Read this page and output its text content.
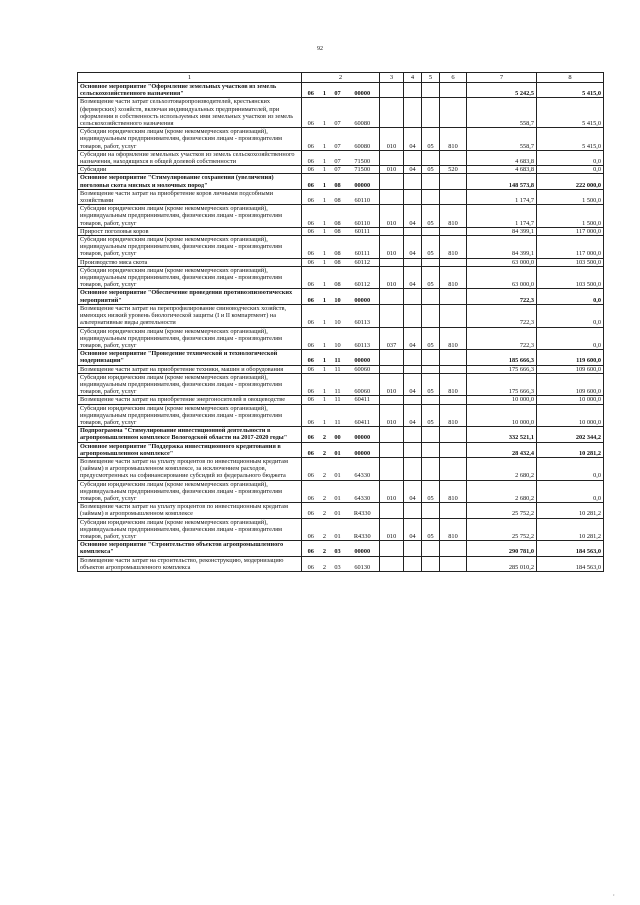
92
1	2				3	4	5	6	7	8
Основное мероприятие "Оформление земельных участков из земель сельскохозяйственного назначения"	06	1	07	00000					5 242,5	5 415,0
Возмещение части затрат сельхозтоваропроизводителей, крестьянских (фермерских) хозяйств, включая индивидуальных предпринимателей, при оформлении в собственность используемых ими земельных участков из земель сельскохозяйственного назначения	06	1	07	60080					558,7	5 415,0
Субсидии юридическим лицам (кроме некоммерческих организаций), индивидуальным предпринимателям, физическим лицам - производителям товаров, работ, услуг	06	1	07	60080	010	04	05	810	558,7	5 415,0
Субсидии на оформление земельных участков из земель сельскохозяйственного назначения, находящихся в общей долевой собственности	06	1	07	71500					4 683,8	0,0
Субсидии	06	1	07	71500	010	04	05	520	4 683,8	0,0
Основное мероприятие "Стимулирование сохранения (увеличения) поголовья скота мясных и молочных пород"	06	1	08	00000					148 573,8	222 000,0
Возмещение части затрат на приобретение коров личными подсобными хозяйствами	06	1	08	60110					1 174,7	1 500,0
Субсидии юридическим лицам (кроме некоммерческих организаций), индивидуальным предпринимателям, физическим лицам - производителям товаров, работ, услуг	06	1	08	60110	010	04	05	810	1 174,7	1 500,0
Прирост поголовья коров	06	1	08	60111					84 399,1	117 000,0
Субсидии юридическим лицам (кроме некоммерческих организаций), индивидуальным предпринимателям, физическим лицам - производителям товаров, работ, услуг	06	1	08	60111	010	04	05	810	84 399,1	117 000,0
Производство мяса скота	06	1	08	60112					63 000,0	103 500,0
Субсидии юридическим лицам (кроме некоммерческих организаций), индивидуальным предпринимателям, физическим лицам - производителям товаров, работ, услуг	06	1	08	60112	010	04	05	810	63 000,0	103 500,0
Основное мероприятие "Обеспечение проведения противоэпизоотических мероприятий"	06	1	10	00000					722,3	0,0
Возмещение части затрат на перепрофилирование свиноводческих хозяйств, имеющих низкий уровень биологической защиты (I и II компартмент) на альтернативные виды деятельности	06	1	10	60113					722,3	0,0
Субсидии юридическим лицам (кроме некоммерческих организаций), индивидуальным предпринимателям, физическим лицам - производителям товаров, работ, услуг	06	1	10	60113	037	04	05	810	722,3	0,0
Основное мероприятие "Проведение технической и технологической модернизации"	06	1	11	00000					185 666,3	119 600,0
Возмещение части затрат на приобретение техники, машин и оборудования	06	1	11	60060					175 666,3	109 600,0
Субсидии юридическим лицам (кроме некоммерческих организаций), индивидуальным предпринимателям, физическим лицам - производителям товаров, работ, услуг	06	1	11	60060	010	04	05	810	175 666,3	109 600,0
Возмещение части затрат на приобретение энергоносителей в овощеводстве	06	1	11	60411					10 000,0	10 000,0
Субсидии юридическим лицам (кроме некоммерческих организаций), индивидуальным предпринимателям, физическим лицам - производителям товаров, работ, услуг	06	1	11	60411	010	04	05	810	10 000,0	10 000,0
Подпрограмма "Стимулирование инвестиционной деятельности в агропромышленном комплексе Вологодской области на 2017-2020 годы"	06	2	00	00000					332 521,1	202 344,2
Основное мероприятие "Поддержка инвестиционного кредитования в агропромышленном комплексе"	06	2	01	00000					28 432,4	10 281,2
Возмещение части затрат на уплату процентов по инвестиционным кредитам (займам) в агропромышленном комплексе, за исключением расходов, предусмотренных на софинансирование субсидий из федерального бюджета	06	2	01	64330					2 680,2	0,0
Субсидии юридическим лицам (кроме некоммерческих организаций), индивидуальным предпринимателям, физическим лицам - производителям товаров, работ, услуг	06	2	01	64330	010	04	05	810	2 680,2	0,0
Возмещение части затрат на уплату процентов по инвестиционным кредитам (займам) в агропромышленном комплексе	06	2	01	R4330					25 752,2	10 281,2
Субсидии юридическим лицам (кроме некоммерческих организаций), индивидуальным предпринимателям, физическим лицам - производителям товаров, работ, услуг	06	2	01	R4330	010	04	05	810	25 752,2	10 281,2
Основное мероприятие "Строительство объектов агропромышленного комплекса"	06	2	03	00000					290 781,0	184 563,0
Возмещение части затрат на строительство, реконструкцию, модернизацию объектов агропромышленного комплекса	06	2	03	60130					285 010,2	184 563,0
‚
